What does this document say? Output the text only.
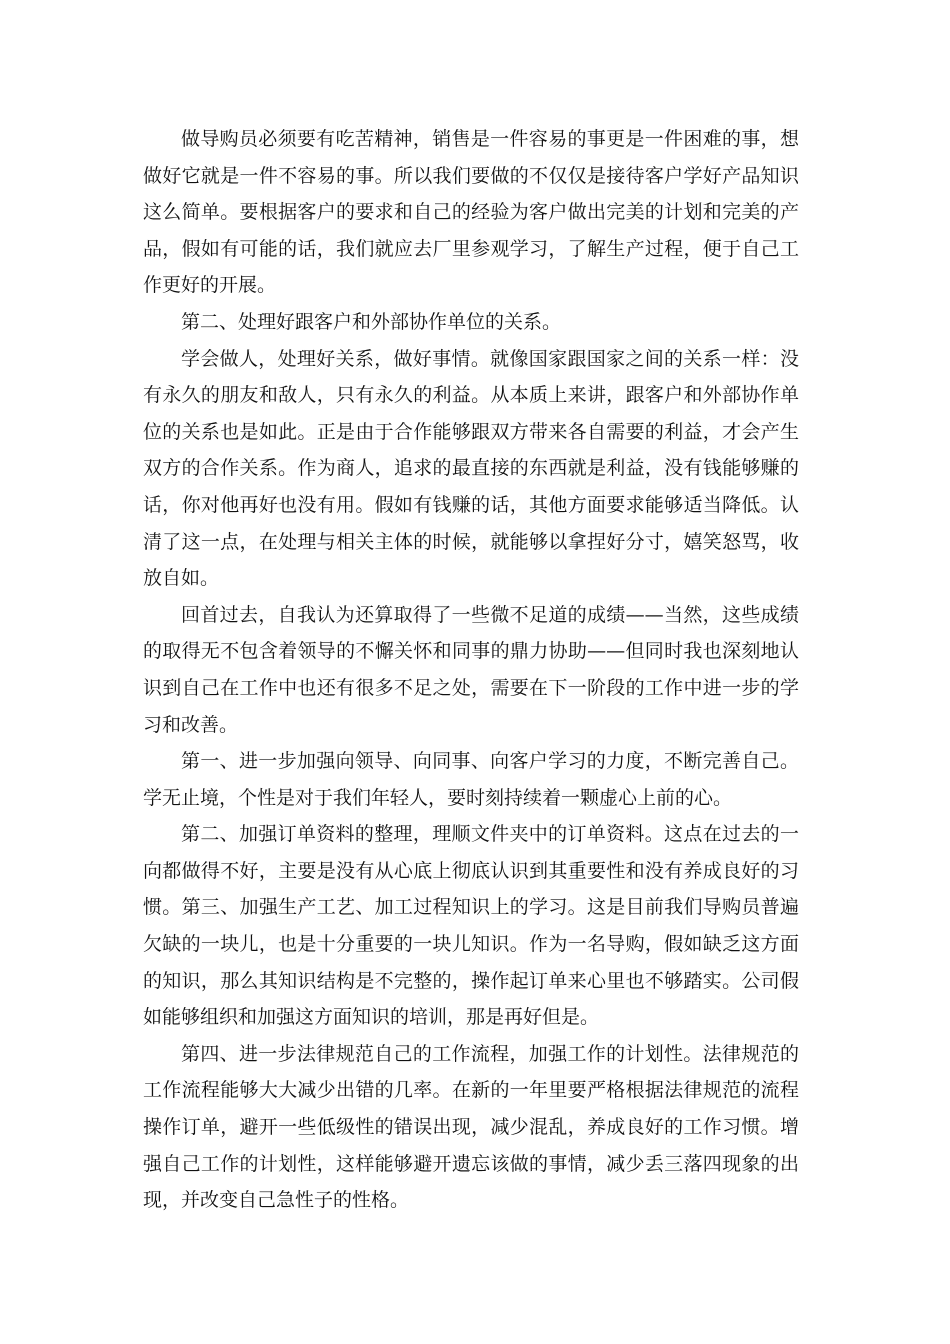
做导购员必须要有吃苦精神，销售是一件容易的事更是一件困难的事，想做好它就是一件不容易的事。所以我们要做的不仅仅是接待客户学好产品知识这么简单。要根据客户的要求和自己的经验为客户做出完美的计划和完美的产品，假如有可能的话，我们就应去厂里参观学习，了解生产过程，便于自己工作更好的开展。

第二、处理好跟客户和外部协作单位的关系。

学会做人，处理好关系，做好事情。就像国家跟国家之间的关系一样：没有永久的朋友和敌人，只有永久的利益。从本质上来讲，跟客户和外部协作单位的关系也是如此。正是由于合作能够跟双方带来各自需要的利益，才会产生双方的合作关系。作为商人，追求的最直接的东西就是利益，没有钱能够赚的话，你对他再好也没有用。假如有钱赚的话，其他方面要求能够适当降低。认清了这一点，在处理与相关主体的时候，就能够以拿捏好分寸，嬉笑怒骂，收放自如。

回首过去，自我认为还算取得了一些微不足道的成绩——当然，这些成绩的取得无不包含着领导的不懈关怀和同事的鼎力协助——但同时我也深刻地认识到自己在工作中也还有很多不足之处，需要在下一阶段的工作中进一步的学习和改善。

第一、进一步加强向领导、向同事、向客户学习的力度，不断完善自己。学无止境，个性是对于我们年轻人，要时刻持续着一颗虚心上前的心。

第二、加强订单资料的整理，理顺文件夹中的订单资料。这点在过去的一向都做得不好，主要是没有从心底上彻底认识到其重要性和没有养成良好的习惯。第三、加强生产工艺、加工过程知识上的学习。这是目前我们导购员普遍欠缺的一块儿，也是十分重要的一块儿知识。作为一名导购，假如缺乏这方面的知识，那么其知识结构是不完整的，操作起订单来心里也不够踏实。公司假如能够组织和加强这方面知识的培训，那是再好但是。

第四、进一步法律规范自己的工作流程，加强工作的计划性。法律规范的工作流程能够大大减少出错的几率。在新的一年里要严格根据法律规范的流程操作订单，避开一些低级性的错误出现，减少混乱，养成良好的工作习惯。增强自己工作的计划性，这样能够避开遗忘该做的事情，减少丢三落四现象的出现，并改变自己急性子的性格。
